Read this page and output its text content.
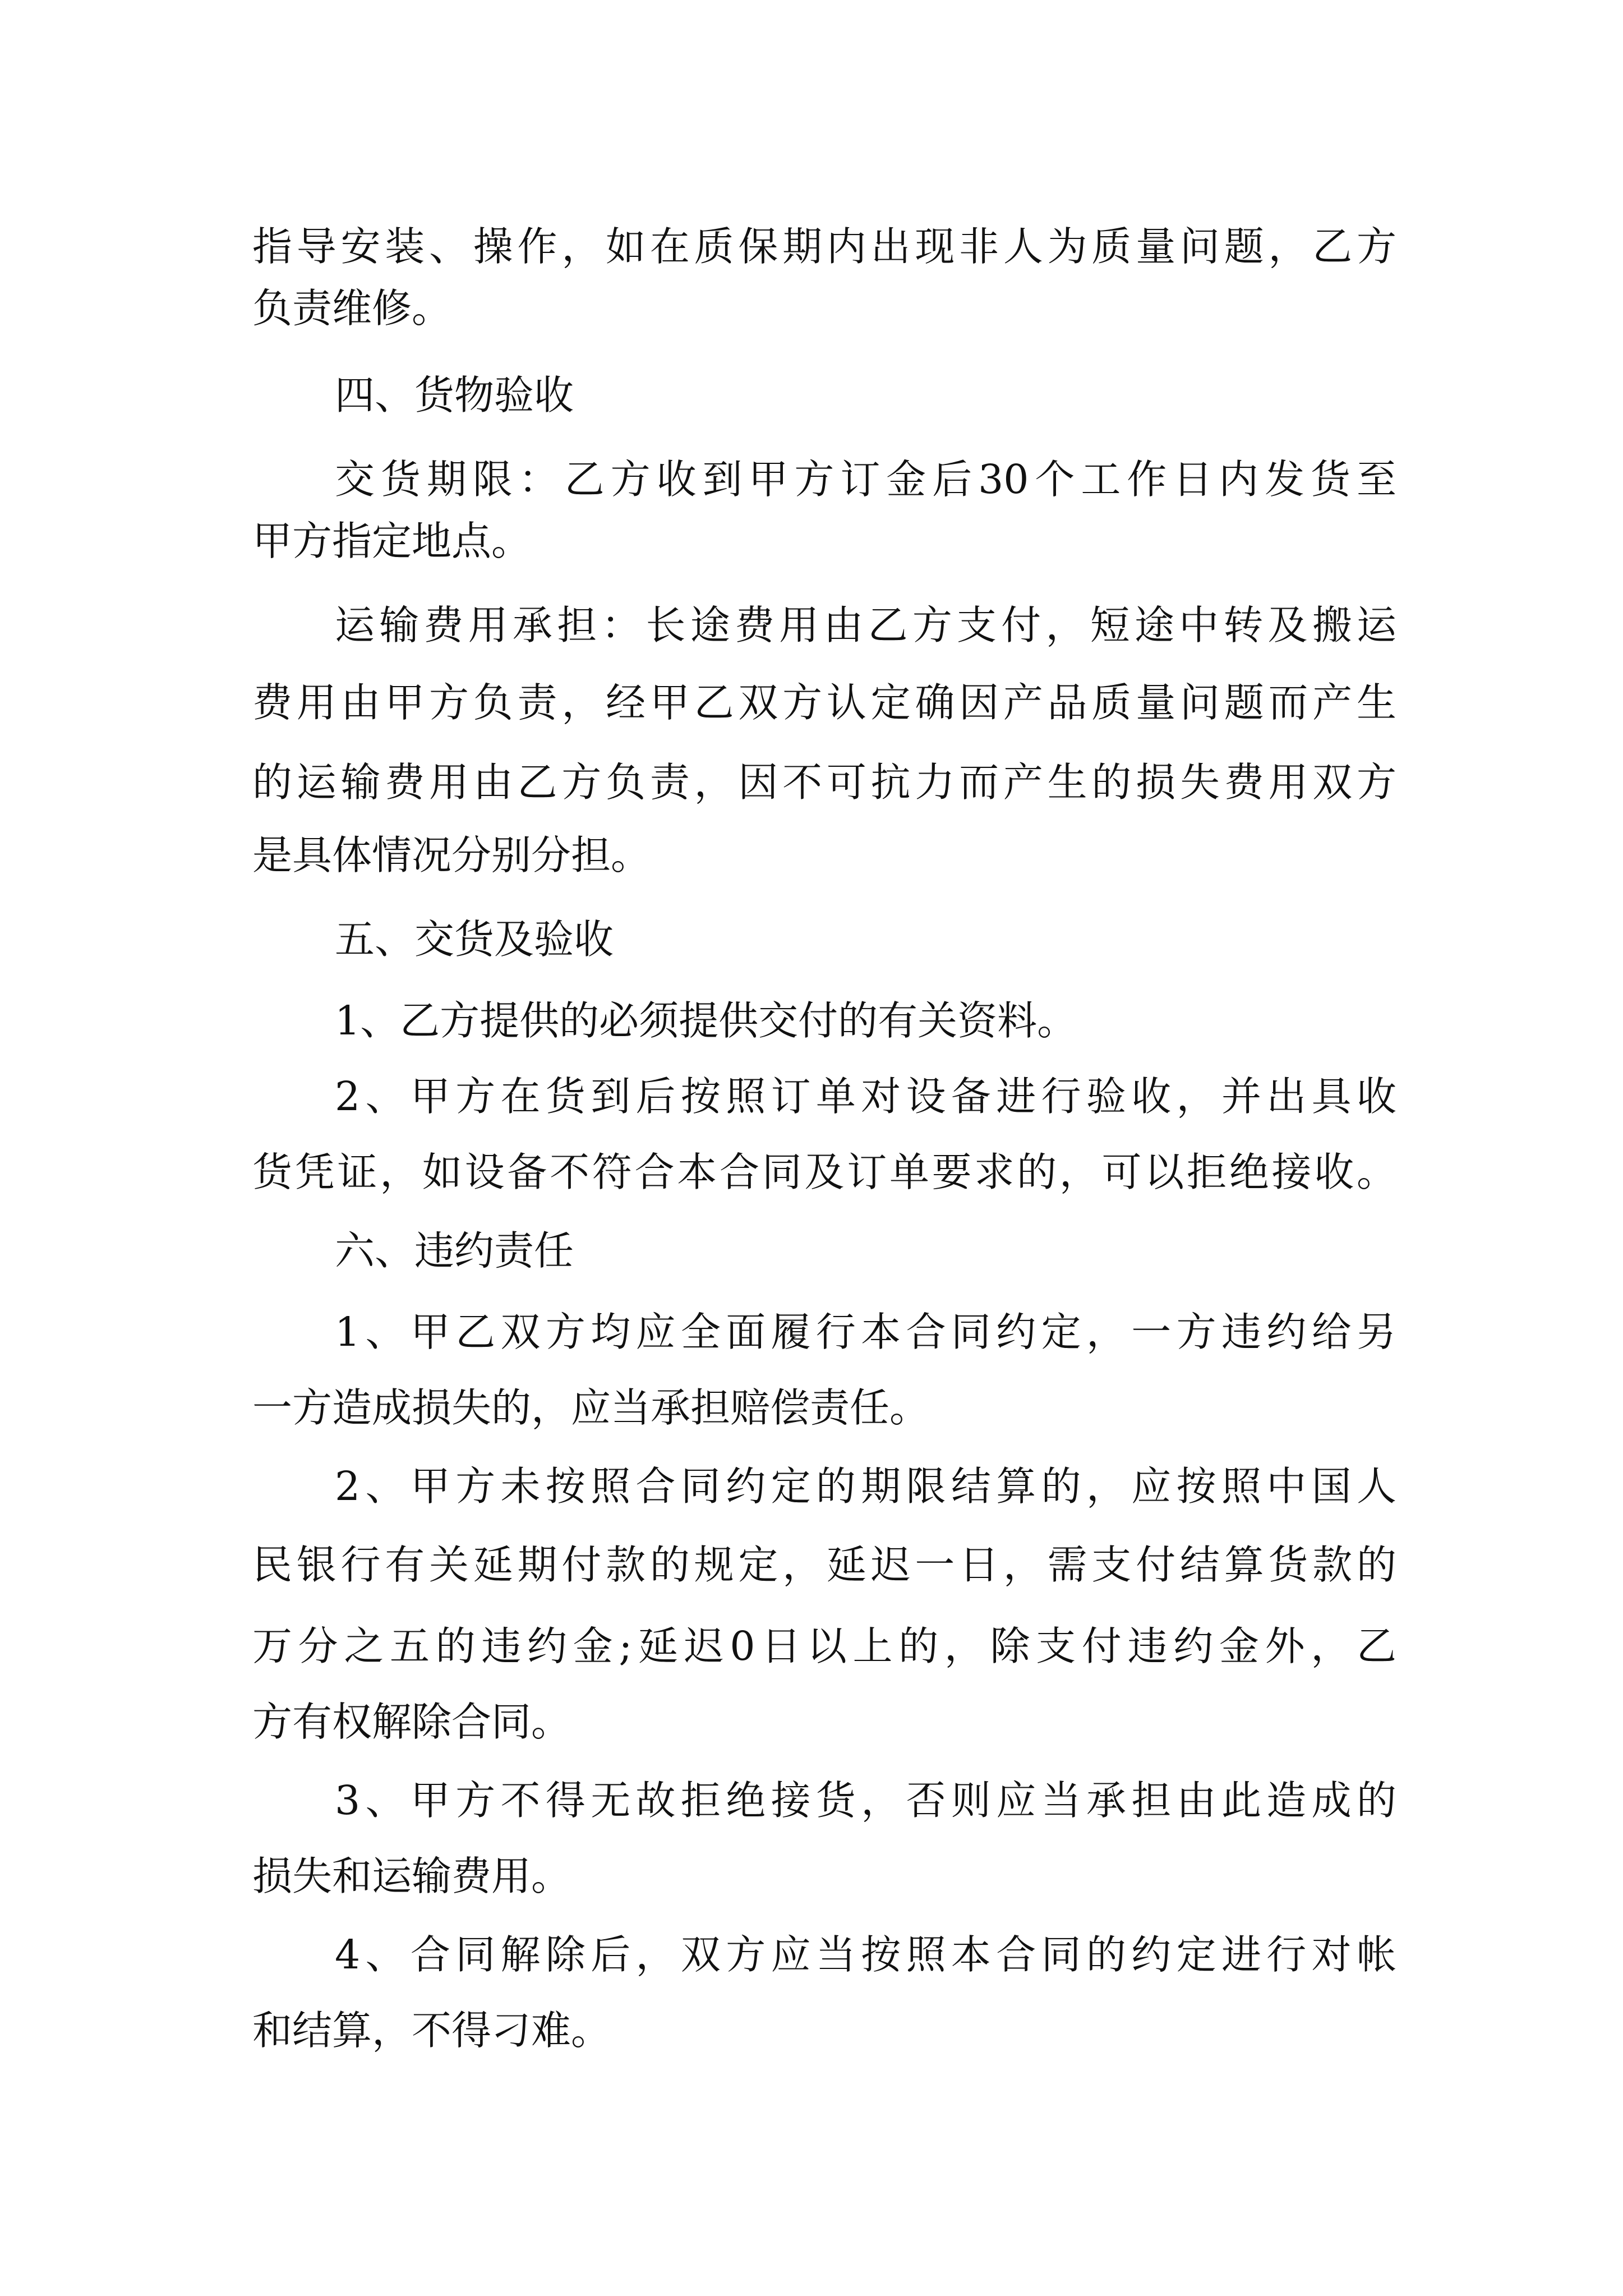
指导安装、操作，如在质保期内出现非人为质量问题，乙方

负责维修。

四、货物验收

交货期限：乙方收到甲方订金后30个工作日内发货至

甲方指定地点。

运输费用承担：长途费用由乙方支付，短途中转及搬运

费用由甲方负责，经甲乙双方认定确因产品质量问题而产生

的运输费用由乙方负责，因不可抗力而产生的损失费用双方

是具体情况分别分担。

五、交货及验收

1、乙方提供的必须提供交付的有关资料。

2、甲方在货到后按照订单对设备进行验收，并出具收

货凭证，如设备不符合本合同及订单要求的，可以拒绝接收。

六、违约责任

1、甲乙双方均应全面履行本合同约定，一方违约给另

一方造成损失的，应当承担赔偿责任。

2、甲方未按照合同约定的期限结算的，应按照中国人

民银行有关延期付款的规定，延迟一日，需支付结算货款的

万分之五的违约金;延迟0日以上的，除支付违约金外，乙

方有权解除合同。

3、甲方不得无故拒绝接货，否则应当承担由此造成的

损失和运输费用。

4、合同解除后，双方应当按照本合同的约定进行对帐

和结算，不得刁难。
